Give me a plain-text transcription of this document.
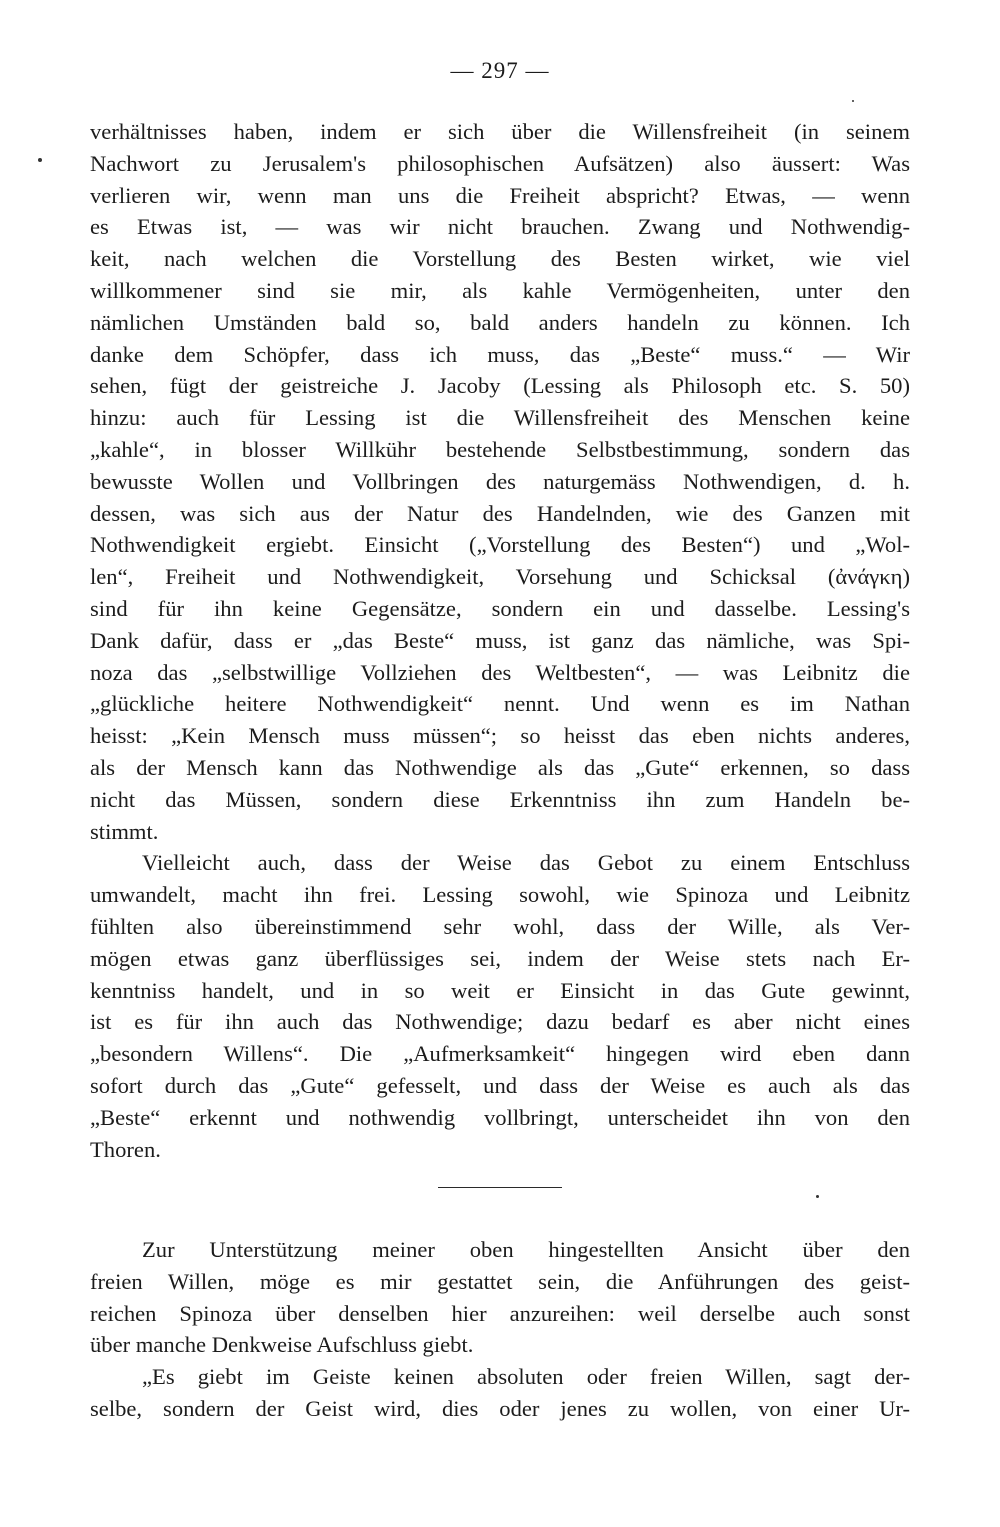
— 297 —
verhältnisses haben, indem er sich über die Willensfreiheit (in seinem
Nachwort zu Jerusalem's philosophischen Aufsätzen) also äussert: Was
verlieren wir, wenn man uns die Freiheit abspricht? Etwas, — wenn
es Etwas ist, — was wir nicht brauchen. Zwang und Nothwendig-
keit, nach welchen die Vorstellung des Besten wirket, wie viel
willkommener sind sie mir, als kahle Vermögenheiten, unter den
nämlichen Umständen bald so, bald anders handeln zu können. Ich
danke dem Schöpfer, dass ich muss, das „Beste“ muss.“ — Wir
sehen, fügt der geistreiche J. Jacoby (Lessing als Philosoph etc. S. 50)
hinzu: auch für Lessing ist die Willensfreiheit des Menschen keine
„kahle“, in blosser Willkühr bestehende Selbstbestimmung, sondern das
bewusste Wollen und Vollbringen des naturgemäss Nothwendigen, d. h.
dessen, was sich aus der Natur des Handelnden, wie des Ganzen mit
Nothwendigkeit ergiebt. Einsicht („Vorstellung des Besten“) und „Wol-
len“, Freiheit und Nothwendigkeit, Vorsehung und Schicksal (ἀνάγκη)
sind für ihn keine Gegensätze, sondern ein und dasselbe. Lessing's
Dank dafür, dass er „das Beste“ muss, ist ganz das nämliche, was Spi-
noza das „selbstwillige Vollziehen des Weltbesten“, — was Leibnitz die
„glückliche heitere Nothwendigkeit“ nennt. Und wenn es im Nathan
heisst: „Kein Mensch muss müssen“; so heisst das eben nichts anderes,
als der Mensch kann das Nothwendige als das „Gute“ erkennen, so dass
nicht das Müssen, sondern diese Erkenntniss ihn zum Handeln be-
stimmt.
Vielleicht auch, dass der Weise das Gebot zu einem Entschluss
umwandelt, macht ihn frei. Lessing sowohl, wie Spinoza und Leibnitz
fühlten also übereinstimmend sehr wohl, dass der Wille, als Ver-
mögen etwas ganz überflüssiges sei, indem der Weise stets nach Er-
kenntniss handelt, und in so weit er Einsicht in das Gute gewinnt,
ist es für ihn auch das Nothwendige; dazu bedarf es aber nicht eines
„besondern Willens“. Die „Aufmerksamkeit“ hingegen wird eben dann
sofort durch das „Gute“ gefesselt, und dass der Weise es auch als das
„Beste“ erkennt und nothwendig vollbringt, unterscheidet ihn von den
Thoren.
Zur Unterstützung meiner oben hingestellten Ansicht über den
freien Willen, möge es mir gestattet sein, die Anführungen des geist-
reichen Spinoza über denselben hier anzureihen: weil derselbe auch sonst
über manche Denkweise Aufschluss giebt.
„Es giebt im Geiste keinen absoluten oder freien Willen, sagt der-
selbe, sondern der Geist wird, dies oder jenes zu wollen, von einer Ur-
